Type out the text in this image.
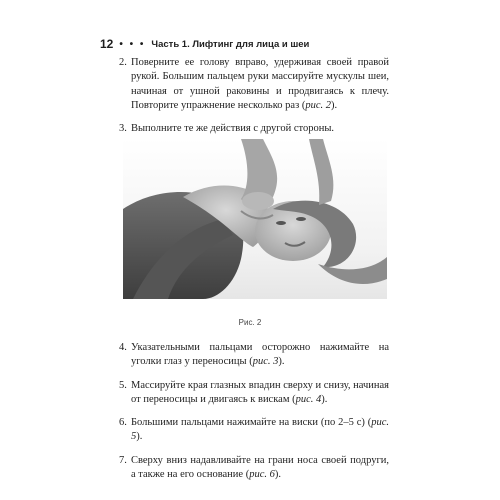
12 • • • Часть 1. Лифтинг для лица и шеи
2. Поверните ее голову вправо, удерживая своей правой рукой. Большим пальцем руки массируйте мускулы шеи, начиная от ушной раковины и продвигаясь к плечу. Повторите упражнение несколько раз (рис. 2).
3. Выполните те же действия с другой стороны.
Рис. 2
4. Указательными пальцами осторожно нажимайте на уголки глаз у переносицы (рис. 3).
5. Массируйте края глазных впадин сверху и снизу, начиная от переносицы и двигаясь к вискам (рис. 4).
6. Большими пальцами нажимайте на виски (по 2–5 с) (рис. 5).
7. Сверху вниз надавливайте на грани носа своей подруги, а также на его основание (рис. 6).
